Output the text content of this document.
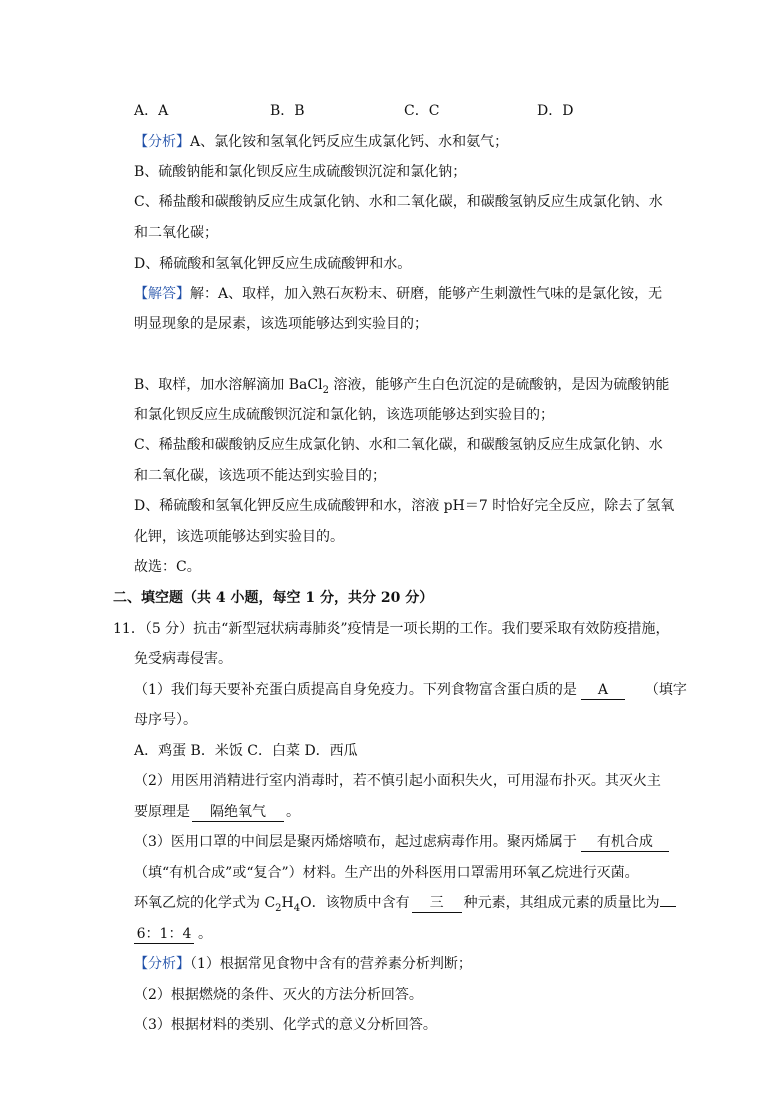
A．A	B．B	C．C	D．D
【分析】A、氯化铵和氢氧化钙反应生成氯化钙、水和氨气；
B、硫酸钠能和氯化钡反应生成硫酸钡沉淀和氯化钠；
C、稀盐酸和碳酸钠反应生成氯化钠、水和二氧化碳，和碳酸氢钠反应生成氯化钠、水
和二氧化碳；
D、稀硫酸和氢氧化钾反应生成硫酸钾和水。
【解答】解：A、取样，加入熟石灰粉末、研磨，能够产生刺激性气味的是氯化铵，无
明显现象的是尿素，该选项能够达到实验目的；
B、取样，加水溶解滴加 BaCl$_2$ 溶液，能够产生白色沉淀的是硫酸钠，是因为硫酸钠能
和氯化钡反应生成硫酸钡沉淀和氯化钠，该选项能够达到实验目的；
C、稀盐酸和碳酸钠反应生成氯化钠、水和二氧化碳，和碳酸氢钠反应生成氯化钠、水
和二氧化碳，该选项不能达到实验目的；
D、稀硫酸和氢氧化钾反应生成硫酸钾和水，溶液 pH＝7 时恰好完全反应，除去了氢氧
化钾，该选项能够达到实验目的。
故选：C。
二、填空题（共 4 小题，每空 1 分，共分 20 分）
11．（5 分）抗击“新型冠状病毒肺炎”疫情是一项长期的工作。我们要采取有效防疫措施，
免受病毒侵害。
（1）我们每天要补充蛋白质提高自身免疫力。下列食物富含蛋白质的是 A	（填字
母序号）。
A．鸡蛋 B．米饭 C．白菜 D．西瓜
（2）用医用消精进行室内消毒时，若不慎引起小面积失火，可用湿布扑灭。其灭火主
要原理是 隔绝氧气 。
（3）医用口罩的中间层是聚丙烯熔喷布，起过虑病毒作用。聚丙烯属于 有机合成
（填“有机合成”或“复合”）材料。生产出的外科医用口罩需用环氧乙烷进行灭菌。
环氧乙烷的化学式为 $C_2H_4O$．该物质中含有 三 种元素，其组成元素的质量比为
6：1：4 。
【分析】（1）根据常见食物中含有的营养素分析判断；
（2）根据燃烧的条件、灭火的方法分析回答。
（3）根据材料的类别、化学式的意义分析回答。
